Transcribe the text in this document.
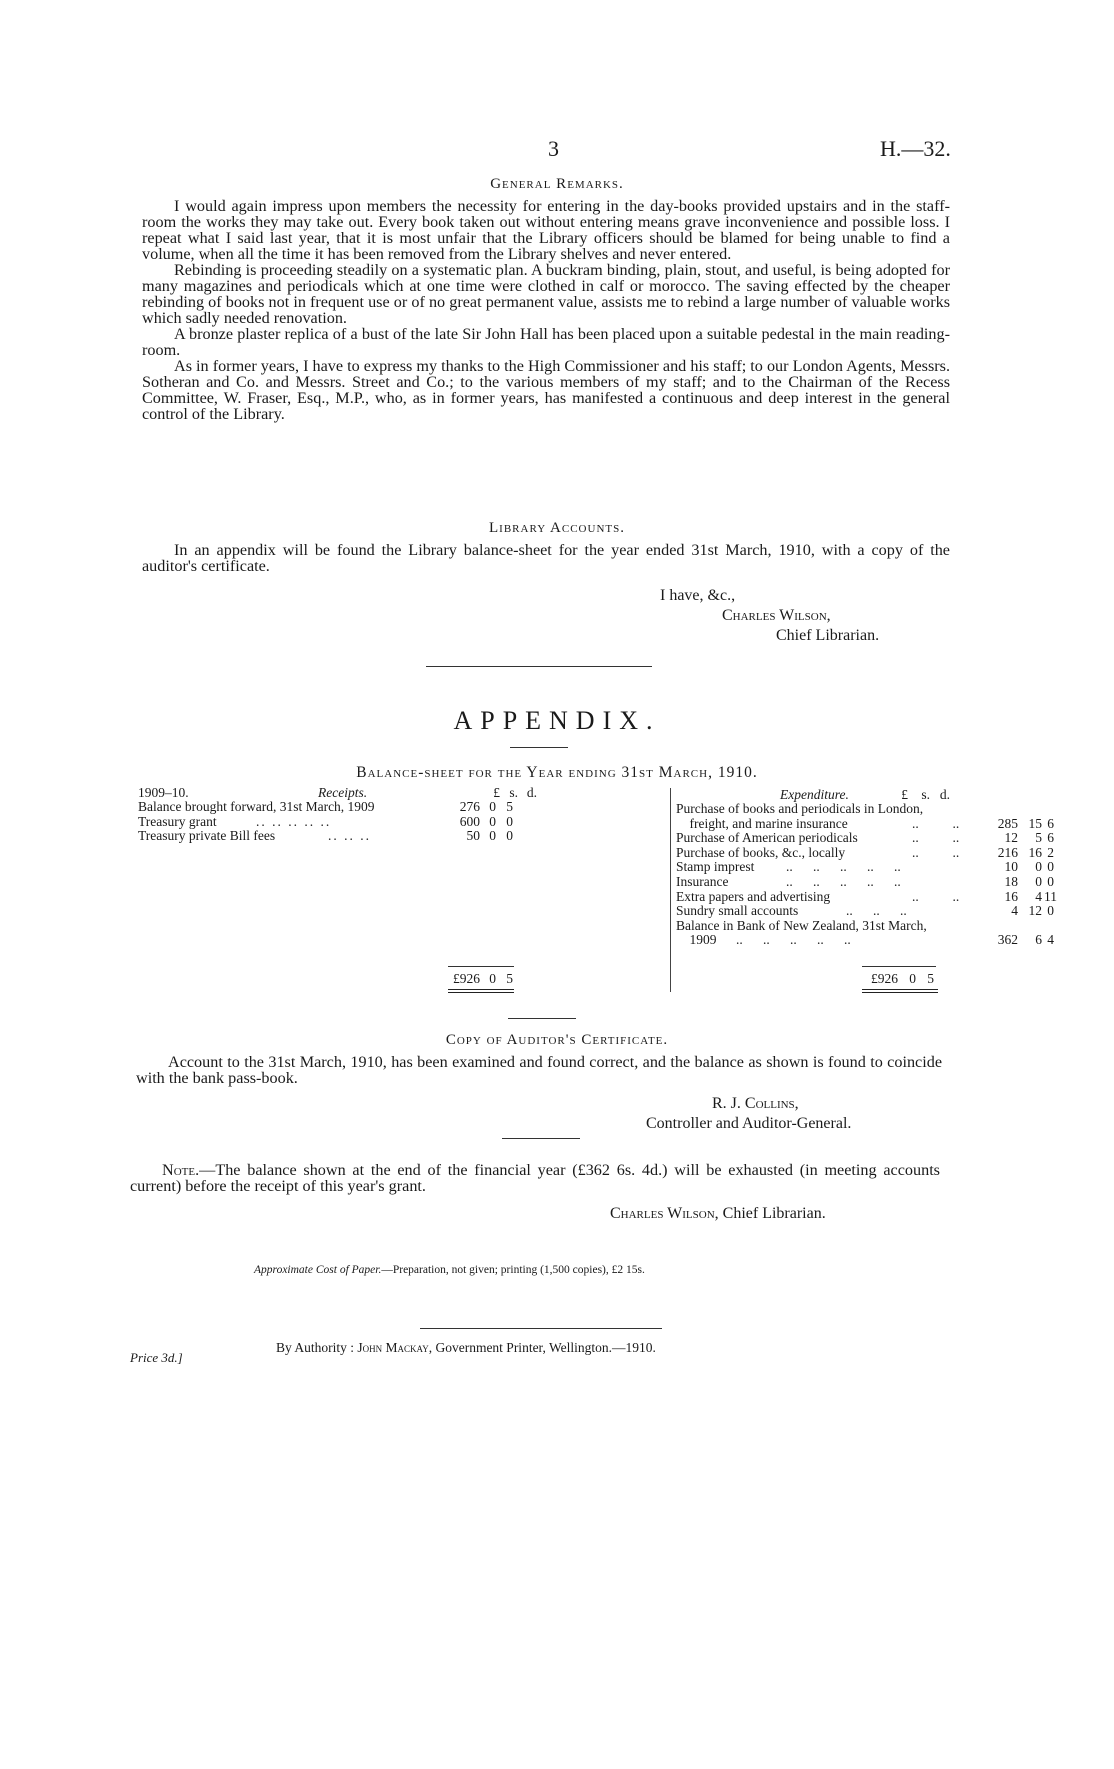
3	H.—32.
General Remarks.

I would again impress upon members the necessity for entering in the day-books provided upstairs and in the staff-room the works they may take out. Every book taken out without entering means grave inconvenience and possible loss. I repeat what I said last year, that it is most unfair that the Library officers should be blamed for being unable to find a volume, when all the time it has been removed from the Library shelves and never entered.

Rebinding is proceeding steadily on a systematic plan. A buckram binding, plain, stout, and useful, is being adopted for many magazines and periodicals which at one time were clothed in calf or morocco. The saving effected by the cheaper rebinding of books not in frequent use or of no great permanent value, assists me to rebind a large number of valuable works which sadly needed renovation.

A bronze plaster replica of a bust of the late Sir John Hall has been placed upon a suitable pedestal in the main reading-room.

As in former years, I have to express my thanks to the High Commissioner and his staff; to our London Agents, Messrs. Sotheran and Co. and Messrs. Street and Co.; to the various members of my staff; and to the Chairman of the Recess Committee, W. Fraser, Esq., M.P., who, as in former years, has manifested a continuous and deep interest in the general control of the Library.

Library Accounts.

In an appendix will be found the Library balance-sheet for the year ended 31st March, 1910, with a copy of the auditor's certificate.

I have, &c.,
Charles Wilson,
Chief Librarian.
APPENDIX.
Balance-sheet for the Year ending 31st March, 1910.
1909–10.	Receipts.	£ s. d.
Balance brought forward, 31st March, 1909	276 0 5
Treasury grant	.. .. .. .. ..	600 0 0
Treasury private Bill fees	.. .. ..	50 0 0
£926 0 5
Expenditure.	£ s. d.
Purchase of books and periodicals in London,
freight, and marine insurance	..          ..	285 15 6
Purchase of American periodicals	..          ..	12	5 6
Purchase of books, &c., locally	..          ..	216 16 2
Stamp imprest ..      ..      ..      ..      ..	10	0 0
Insurance	..      ..      ..      ..      ..	18	0 0
Extra papers and advertising	..          ..	16	4 11
Sundry small accounts	..      ..      ..	4 12 0
Balance in Bank of New Zealand, 31st March,
1909 ..      ..      ..      ..      ..	362	6 4
£926 0 5
Copy of Auditor's Certificate.

Account to the 31st March, 1910, has been examined and found correct, and the balance as shown is found to coincide with the bank pass-book.

R. J. Collins,
Controller and Auditor-General.

Note.—The balance shown at the end of the financial year (£362 6s. 4d.) will be exhausted (in meeting accounts current) before the receipt of this year's grant.

Charles Wilson, Chief Librarian.
Approximate Cost of Paper.—Preparation, not given; printing (1,500 copies), £2 15s.
Price 3d.]
By Authority : John Mackay, Government Printer, Wellington.—1910.
